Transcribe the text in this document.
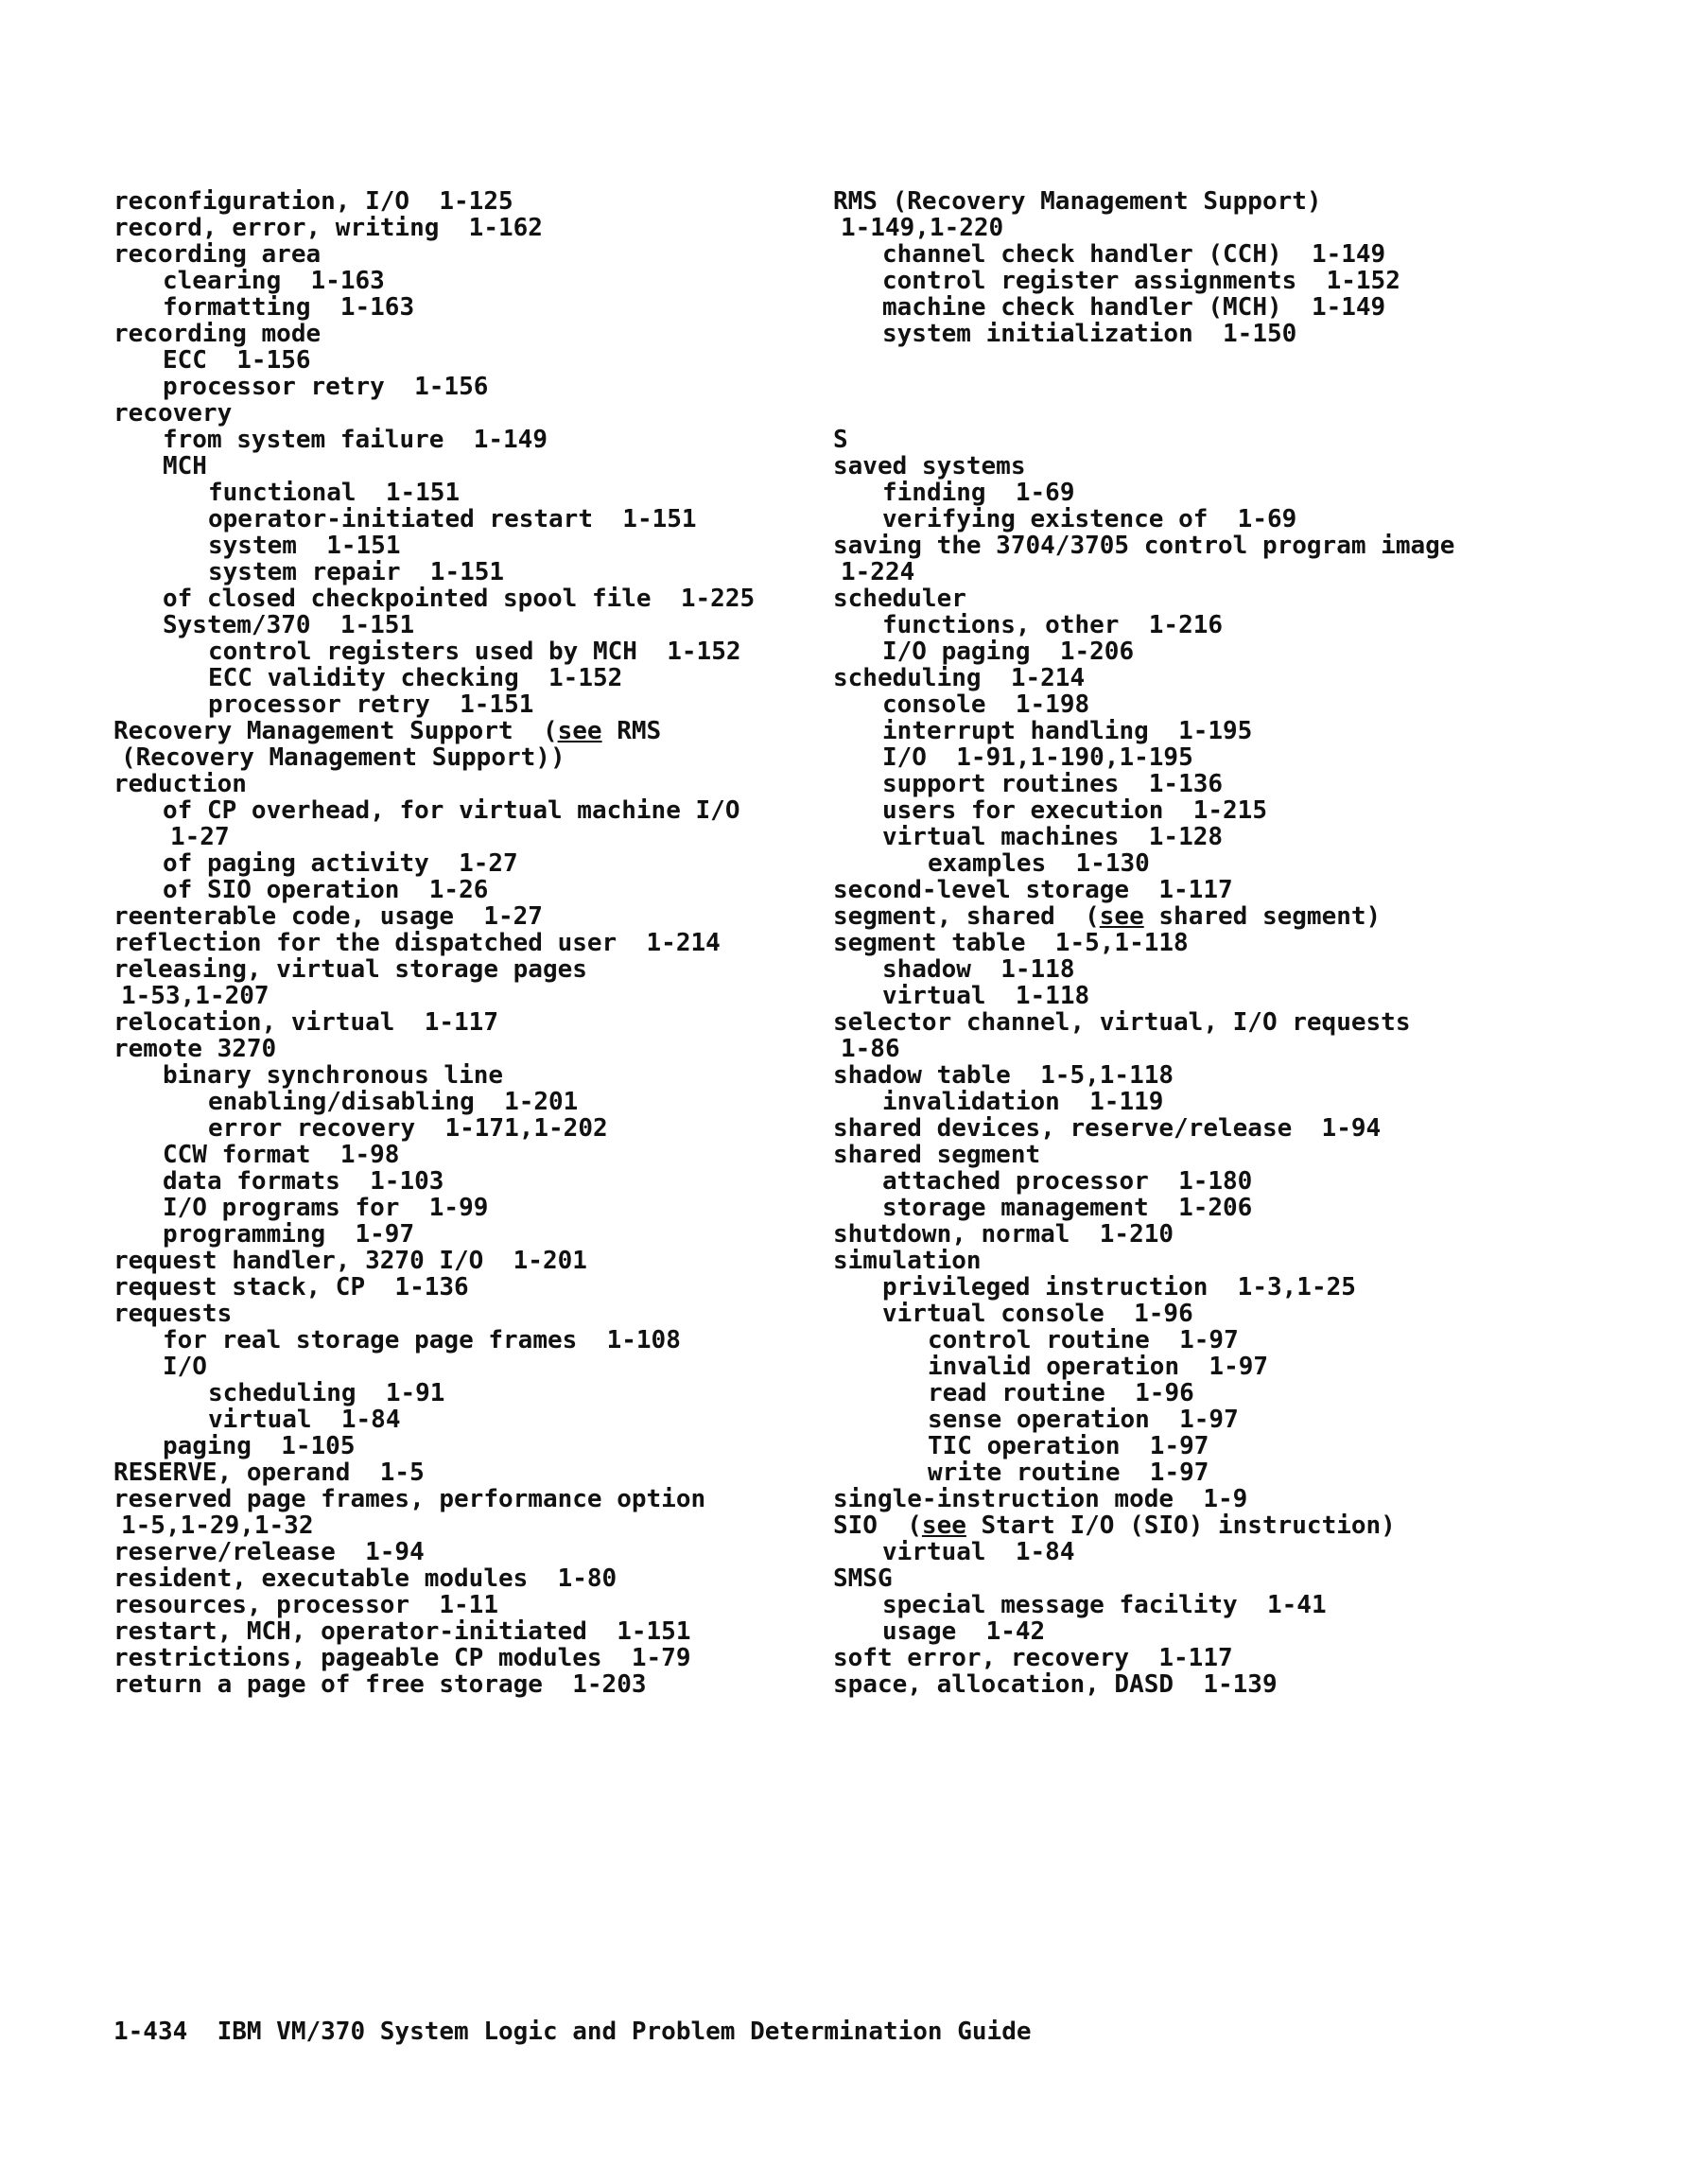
reconfiguration, I/O  1-125
record, error, writing  1-162
recording area
clearing  1-163
formatting  1-163
recording mode
ECC  1-156
processor retry  1-156
recovery
from system failure  1-149
MCH
functional  1-151
operator-initiated restart  1-151
system  1-151
system repair  1-151
of closed checkpointed spool file  1-225
System/370  1-151
control registers used by MCH  1-152
ECC validity checking  1-152
processor retry  1-151
Recovery Management Support  (see RMS
(Recovery Management Support))
reduction
of CP overhead, for virtual machine I/O
1-27
of paging activity  1-27
of SIO operation  1-26
reenterable code, usage  1-27
reflection for the dispatched user  1-214
releasing, virtual storage pages
1-53,1-207
relocation, virtual  1-117
remote 3270
binary synchronous line
enabling/disabling  1-201
error recovery  1-171,1-202
CCW format  1-98
data formats  1-103
I/O programs for  1-99
programming  1-97
request handler, 3270 I/O  1-201
request stack, CP  1-136
requests
for real storage page frames  1-108
I/O
scheduling  1-91
virtual  1-84
paging  1-105
RESERVE, operand  1-5
reserved page frames, performance option
1-5,1-29,1-32
reserve/release  1-94
resident, executable modules  1-80
resources, processor  1-11
restart, MCH, operator-initiated  1-151
restrictions, pageable CP modules  1-79
return a page of free storage  1-203
RMS (Recovery Management Support)
1-149,1-220
channel check handler (CCH)  1-149
control register assignments  1-152
machine check handler (MCH)  1-149
system initialization  1-150
S
saved systems
finding  1-69
verifying existence of  1-69
saving the 3704/3705 control program image
1-224
scheduler
functions, other  1-216
I/O paging  1-206
scheduling  1-214
console  1-198
interrupt handling  1-195
I/O  1-91,1-190,1-195
support routines  1-136
users for execution  1-215
virtual machines  1-128
examples  1-130
second-level storage  1-117
segment, shared  (see shared segment)
segment table  1-5,1-118
shadow  1-118
virtual  1-118
selector channel, virtual, I/O requests
1-86
shadow table  1-5,1-118
invalidation  1-119
shared devices, reserve/release  1-94
shared segment
attached processor  1-180
storage management  1-206
shutdown, normal  1-210
simulation
privileged instruction  1-3,1-25
virtual console  1-96
control routine  1-97
invalid operation  1-97
read routine  1-96
sense operation  1-97
TIC operation  1-97
write routine  1-97
single-instruction mode  1-9
SIO  (see Start I/O (SIO) instruction)
virtual  1-84
SMSG
special message facility  1-41
usage  1-42
soft error, recovery  1-117
space, allocation, DASD  1-139
1-434  IBM VM/370 System Logic and Problem Determination Guide
